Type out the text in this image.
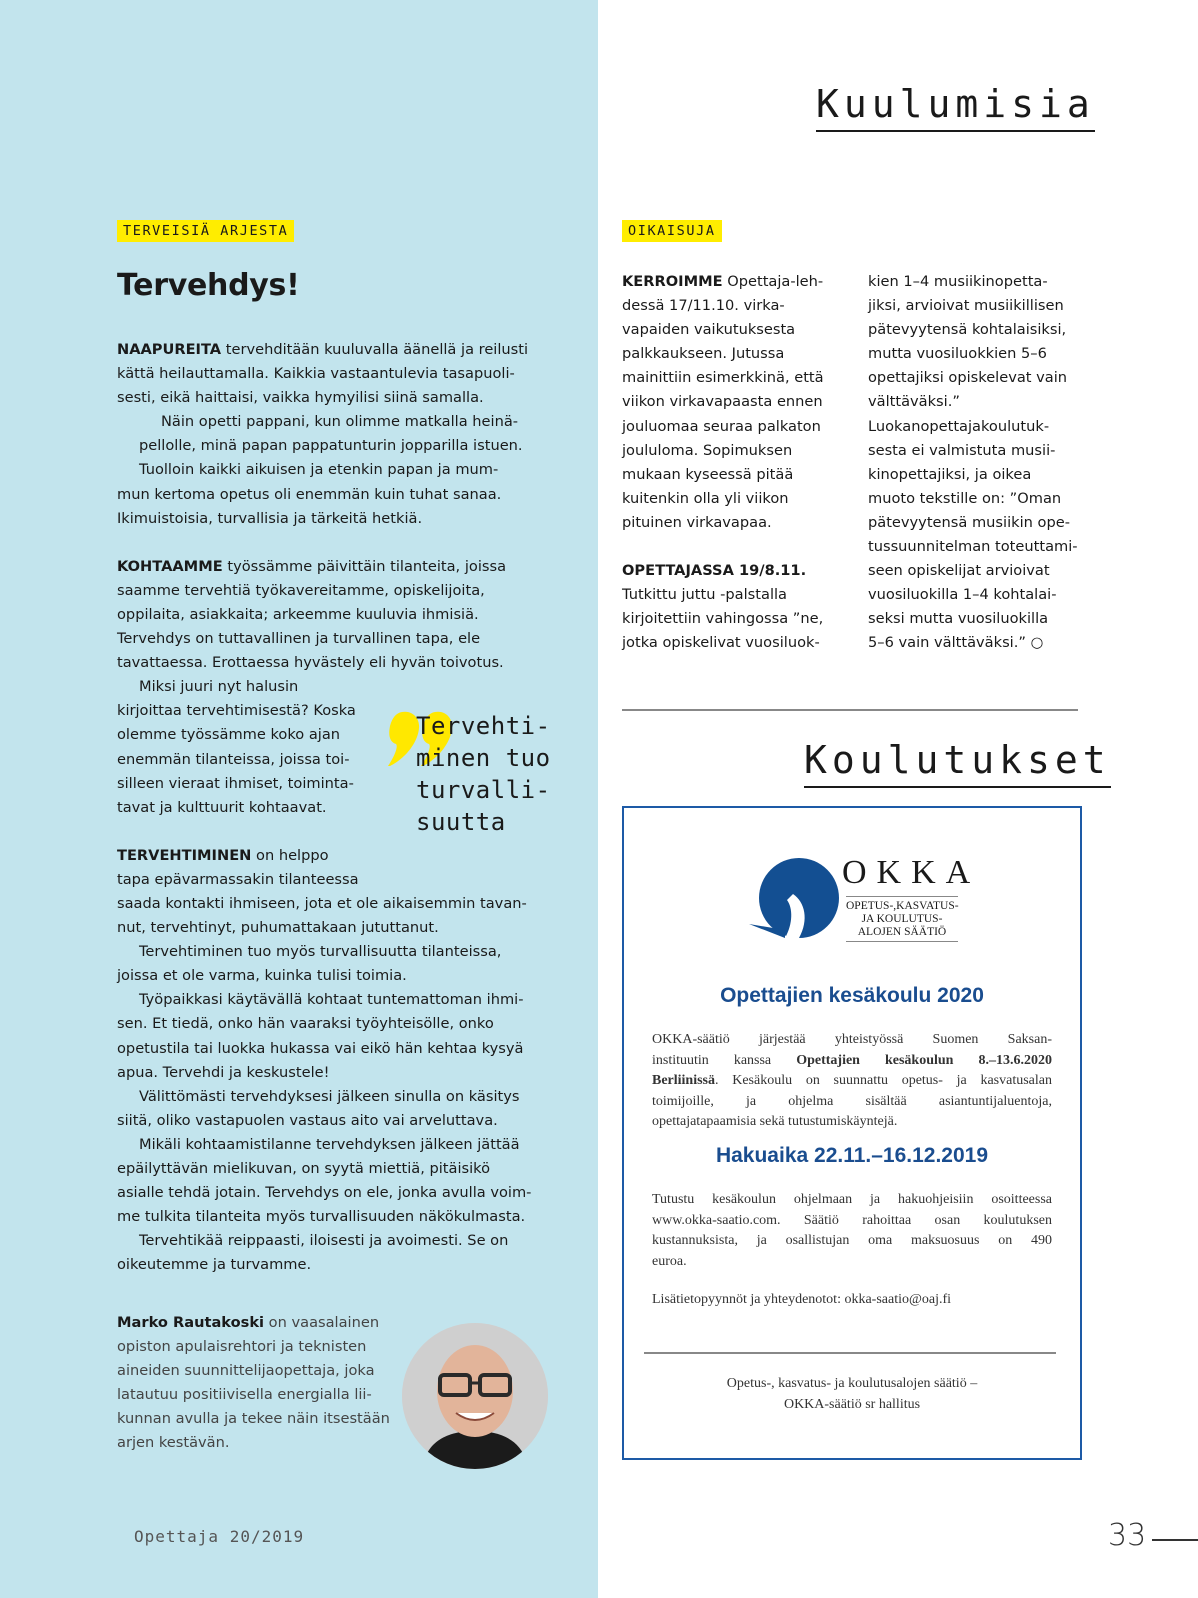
Kuulumisia
TERVEISIÄ ARJESTA
Tervehdys!

NAAPUREITA tervehditään kuuluvalla äänellä ja reilusti
kättä heilauttamalla. Kaikkia vastaantulevia tasapuoli-
sesti, eikä haittaisi, vaikka hymyilisi siinä samalla.

Näin opetti pappani, kun olimme matkalla heinä-
pellolle, minä papan pappatunturin jopparilla istuen.

Tuolloin kaikki aikuisen ja etenkin papan ja mum-
mun kertoma opetus oli enemmän kuin tuhat sanaa.
Ikimuistoisia, turvallisia ja tärkeitä hetkiä.

KOHTAAMME työssämme päivittäin tilanteita, joissa
saamme tervehtiä työkavereitamme, opiskelijoita,
oppilaita, asiakkaita; arkeemme kuuluvia ihmisiä.
Tervehdys on tuttavallinen ja turvallinen tapa, ele
tavattaessa. Erottaessa hyvästely eli hyvän toivotus.

Miksi juuri nyt halusin
kirjoittaa tervehtimisestä? Koska
olemme työssämme koko ajan
enemmän tilanteissa, joissa toi-
silleen vieraat ihmiset, toiminta-
tavat ja kulttuurit kohtaavat.

TERVEHTIMINEN on helppo
tapa epävarmassakin tilanteessa
saada kontakti ihmiseen, jota et ole aikaisemmin tavan-
nut, tervehtinyt, puhumattakaan jututtanut.

Tervehtiminen tuo myös turvallisuutta tilanteissa,
joissa et ole varma, kuinka tulisi toimia.

Työpaikkasi käytävällä kohtaat tuntemattoman ihmi-
sen. Et tiedä, onko hän vaaraksi työyhteisölle, onko
opetustila tai luokka hukassa vai eikö hän kehtaa kysyä
apua. Tervehdi ja keskustele!

Välittömästi tervehdyksesi jälkeen sinulla on käsitys
siitä, oliko vastapuolen vastaus aito vai arveluttava.

Mikäli kohtaamistilanne tervehdyksen jälkeen jättää
epäilyttävän mielikuvan, on syytä miettiä, pitäisikö
asialle tehdä jotain. Tervehdys on ele, jonka avulla voim-
me tulkita tilanteita myös turvallisuuden näkökulmasta.

Tervehtikää reippaasti, iloisesti ja avoimesti. Se on
oikeutemme ja turvamme.

Tervehti-
minen tuo
turvalli-
suutta
Marko Rautakoski on vaasalainen
opiston apulaisrehtori ja teknisten
aineiden suunnittelijaopettaja, joka
latautuu positiivisella energialla lii-
kunnan avulla ja tekee näin itsestään
arjen kestävän.
Opettaja 20/2019
OIKAISUJA

KERROIMME Opettaja-leh-
dessä 17/11.10. virka-
vapaiden vaikutuksesta
palkkaukseen. Jutussa
mainittiin esimerkkinä, että
viikon virkavapaasta ennen
jouluomaa seuraa palkaton
joululoma. Sopimuksen
mukaan kyseessä pitää
kuitenkin olla yli viikon
pituinen virkavapaa.

OPETTAJASSA 19/8.11.
Tutkittu juttu -palstalla
kirjoitettiin vahingossa ”ne,
jotka opiskelivat vuosiluok-

kien 1–4 musiikinopetta-
jiksi, arvioivat musiikillisen
pätevyytensä kohtalaisiksi,
mutta vuosiluokkien 5–6
opettajiksi opiskelevat vain
välttäväksi.”
Luokanopettajakoulutuk-
sesta ei valmistuta musii-
kinopettajiksi, ja oikea
muoto tekstille on: ”Oman
pätevyytensä musiikin ope-
tussuunnitelman toteuttami-
seen opiskelijat arvioivat
vuosiluokilla 1–4 kohtalai-
seksi mutta vuosiluokilla
5–6 vain välttäväksi.” ○
Koulutukset
OKKA
OPETUS-,KASVATUS-
JA KOULUTUS-
ALOJEN SÄÄTIÖ
Opettajien kesäkoulu 2020
OKKA-säätiö järjestää yhteistyössä Suomen Saksan-
instituutin kanssa Opettajien kesäkoulun 8.–13.6.2020
Berliinissä. Kesäkoulu on suunnattu opetus- ja kasvatusalan
toimijoille, ja ohjelma sisältää asiantuntijaluentoja,
opettajatapaamisia sekä tutustumiskäyntejä.
Hakuaika 22.11.–16.12.2019
Tutustu kesäkoulun ohjelmaan ja hakuohjeisiin osoitteessa
www.okka-saatio.com. Säätiö rahoittaa osan koulutuksen
kustannuksista, ja osallistujan oma maksuosuus on 490
euroa.
Lisätietopyynnöt ja yhteydenotot: okka-saatio@oaj.fi
Opetus-, kasvatus- ja koulutusalojen säätiö –
OKKA-säätiö sr hallitus
33
